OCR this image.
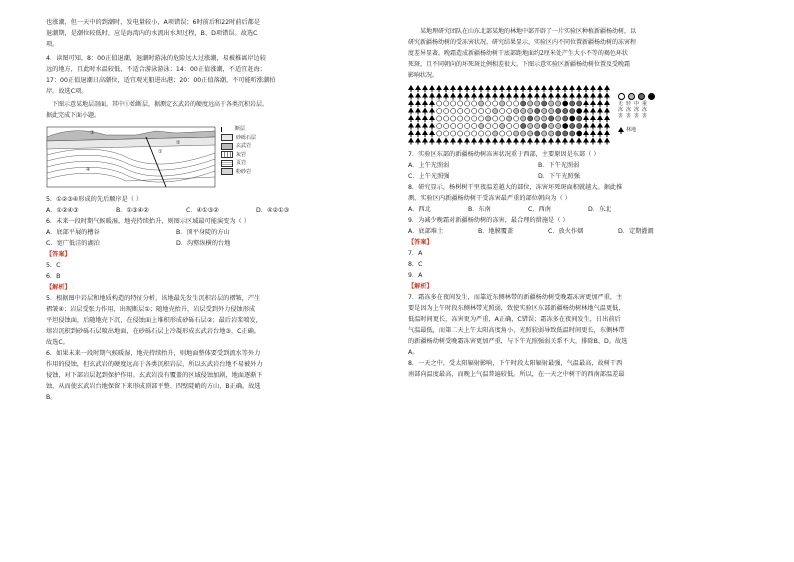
也涨潮，但一天中的到潮时，发电量较小，A项错误；6时前后和22时前后都是

退潮期，是潮位较低时，应是海湾内的水流出水坝过程，B、D项错误。故选C

项。

4．读图可知，8：00正值退潮，退潮时游泳的危险远大过涨潮，易被推离岸边较

远的地方，且此时水温较低，不适合游泳游泳；14：00正值涨潮，不适宜赶海；

17：00正值退潮日高潮位，适宜观光船进出港；20：00正值落潮，不可能听涨潮拍

岸。故选C项。

下图示意某地层剖面，其中①始断层，据测定玄武岩的硬度远高于各类沉积岩层。

据此完成下面小题。

③
②
①
④
断层
砂砾石层
玄武岩
灰岩
页岩
粉砂岩

5．①②③④形成的先后顺序是（ ）

A．①②④③	B．①③④②	C．④①③②	D．④②①③

6．未来一段时期气候暖湿，地壳持续抬升，则图示区域最可能演变为（ ）

A．底部平展的槽谷	B．顶平身陡的方山
C．宽广低洼的湖泊	D．沟壑纵横的台地

【答案】

5．C

6．B

【解析】

5．根据图中岩层和地质构造的特征分析，该地最先发生沉积岩层的褶皱，产生

褶皱④；岩层受张力作用，出现断层①；随地壳抬升，岩层受到外力侵蚀形成

平坦侵蚀面，后随地壳下沉，在侵蚀面上堆积形成砂砾石层②；最后岩浆喷发，

熔岩沉积到砂砾石层喷出地面，在砂砾石层上冷凝形成玄武岩台地③，C正确。

故选C。

6．如果未来一段时期气候暖湿，地壳持续抬升，则地面整体要受到流水等外力

作用的侵蚀，但玄武岩的硬度远高于各类沉积岩层，所以玄武岩台地不易被外力

侵蚀，对下部岩层起到保护作用。玄武岩没有覆盖的区域侵蚀加剧，地面逐渐下

蚀，从而使玄武岩台地保留下来形成顶部平整、四壁陡峭的方山，B正确。故选

B。

某地理研究团队在山东北部某地的林地中部开辟了一片实验区种植新疆杨幼树，以

研究新疆杨幼树的受冻害状况。研究结果显示，实验区内不同位置新疆杨幼树的冻害程

度差异显著。晚霜造成新疆杨幼树干底部距地面约2厘米处产生大小不等的褐色环状

死斑，且不同朝向的坏死斑比例相差很大。下图示意实验区新疆杨幼树位置及受晚霜

影响状况。

无 轻 中 重
冻 冻 冻 冻
害 害 害 害
林地

7．实验区东部的新疆杨幼树冻害状况重于西部，主要原因是东部（ ）

A．上午光照弱	B．下午光照弱
C．上午光照强	D．下午光照强

8．研究显示，杨树树干里夜温差越大的部位，冻害坏死斑面积就越大。据此推

测，实验区内新疆杨幼树干受冻害最严重的部位朝向为（ ）

A．西北	B．东南	C．西南	D．东北

9．为减少晚霜对新疆杨幼树的冻害，最合理的措施是（ ）

A．底部堆土	B．地膜覆盖	C．放火作烟	D．定期灌溉

【答案】

7．A

8．C

9．A

【解析】

7．霜冻多在夜间发生，而靠近东侧林带的新疆杨幼树受晚霜冻害更加严重，主

要是因为上午时段东侧林带光照弱，致使实验区东部新疆杨幼树林地气温更低，

低温时间更长，冻害更为严重，A正确，C错误；霜冻多在夜间发生，日出前后

气温最低，而第二天上午太阳高度角小，光照较弱导致低温时间更长，东侧林带

的新疆杨幼树受晚霜冻害更加严重，与下午光照强弱关系不大，排除B、D。故选

A。

8．一天之中，受太阳辐射影响，下午时段太阳辐射最强，气温最高，故树干西

南部向温度最高，而晚上气温普遍较低。所以，在一天之中树干的西南部温差最
